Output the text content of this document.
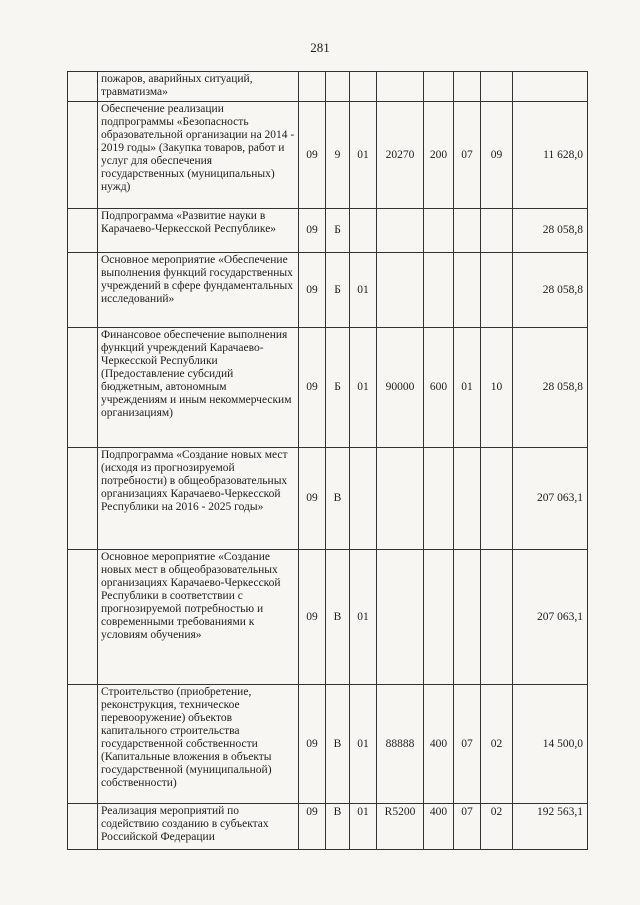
281
	пожаров, аварийных ситуаций, травматизма»								
	Обеспечение реализации подпрограммы «Безопасность образовательной организации на 2014 - 2019 годы» (Закупка товаров, работ и услуг для обеспечения государственных (муниципальных) нужд)	09	9	01	20270	200	07	09	11 628,0
	Подпрограмма «Развитие науки в Карачаево-Черкесской Республике»	09	Б						28 058,8
	Основное мероприятие «Обеспечение выполнения функций государственных учреждений в сфере фундаментальных исследований»	09	Б	01					28 058,8
	Финансовое обеспечение выполнения функций учреждений Карачаево-Черкесской Республики (Предоставление субсидий бюджетным, автономным учреждениям и иным некоммерческим организациям)	09	Б	01	90000	600	01	10	28 058,8
	Подпрограмма «Создание новых мест (исходя из прогнозируемой потребности) в общеобразовательных организациях Карачаево-Черкесской Республики на 2016 - 2025 годы»	09	В						207 063,1
	Основное мероприятие «Создание новых мест в общеобразовательных организациях Карачаево-Черкесской Республики в соответствии с прогнозируемой потребностью и современными требованиями к условиям обучения»	09	В	01					207 063,1
	Строительство (приобретение, реконструкция, техническое перевооружение) объектов капитального строительства государственной собственности (Капитальные вложения в объекты государственной (муниципальной) собственности)	09	В	01	88888	400	07	02	14 500,0
	Реализация мероприятий по содействию созданию в субъектах Российской Федерации	09	В	01	R5200	400	07	02	192 563,1
